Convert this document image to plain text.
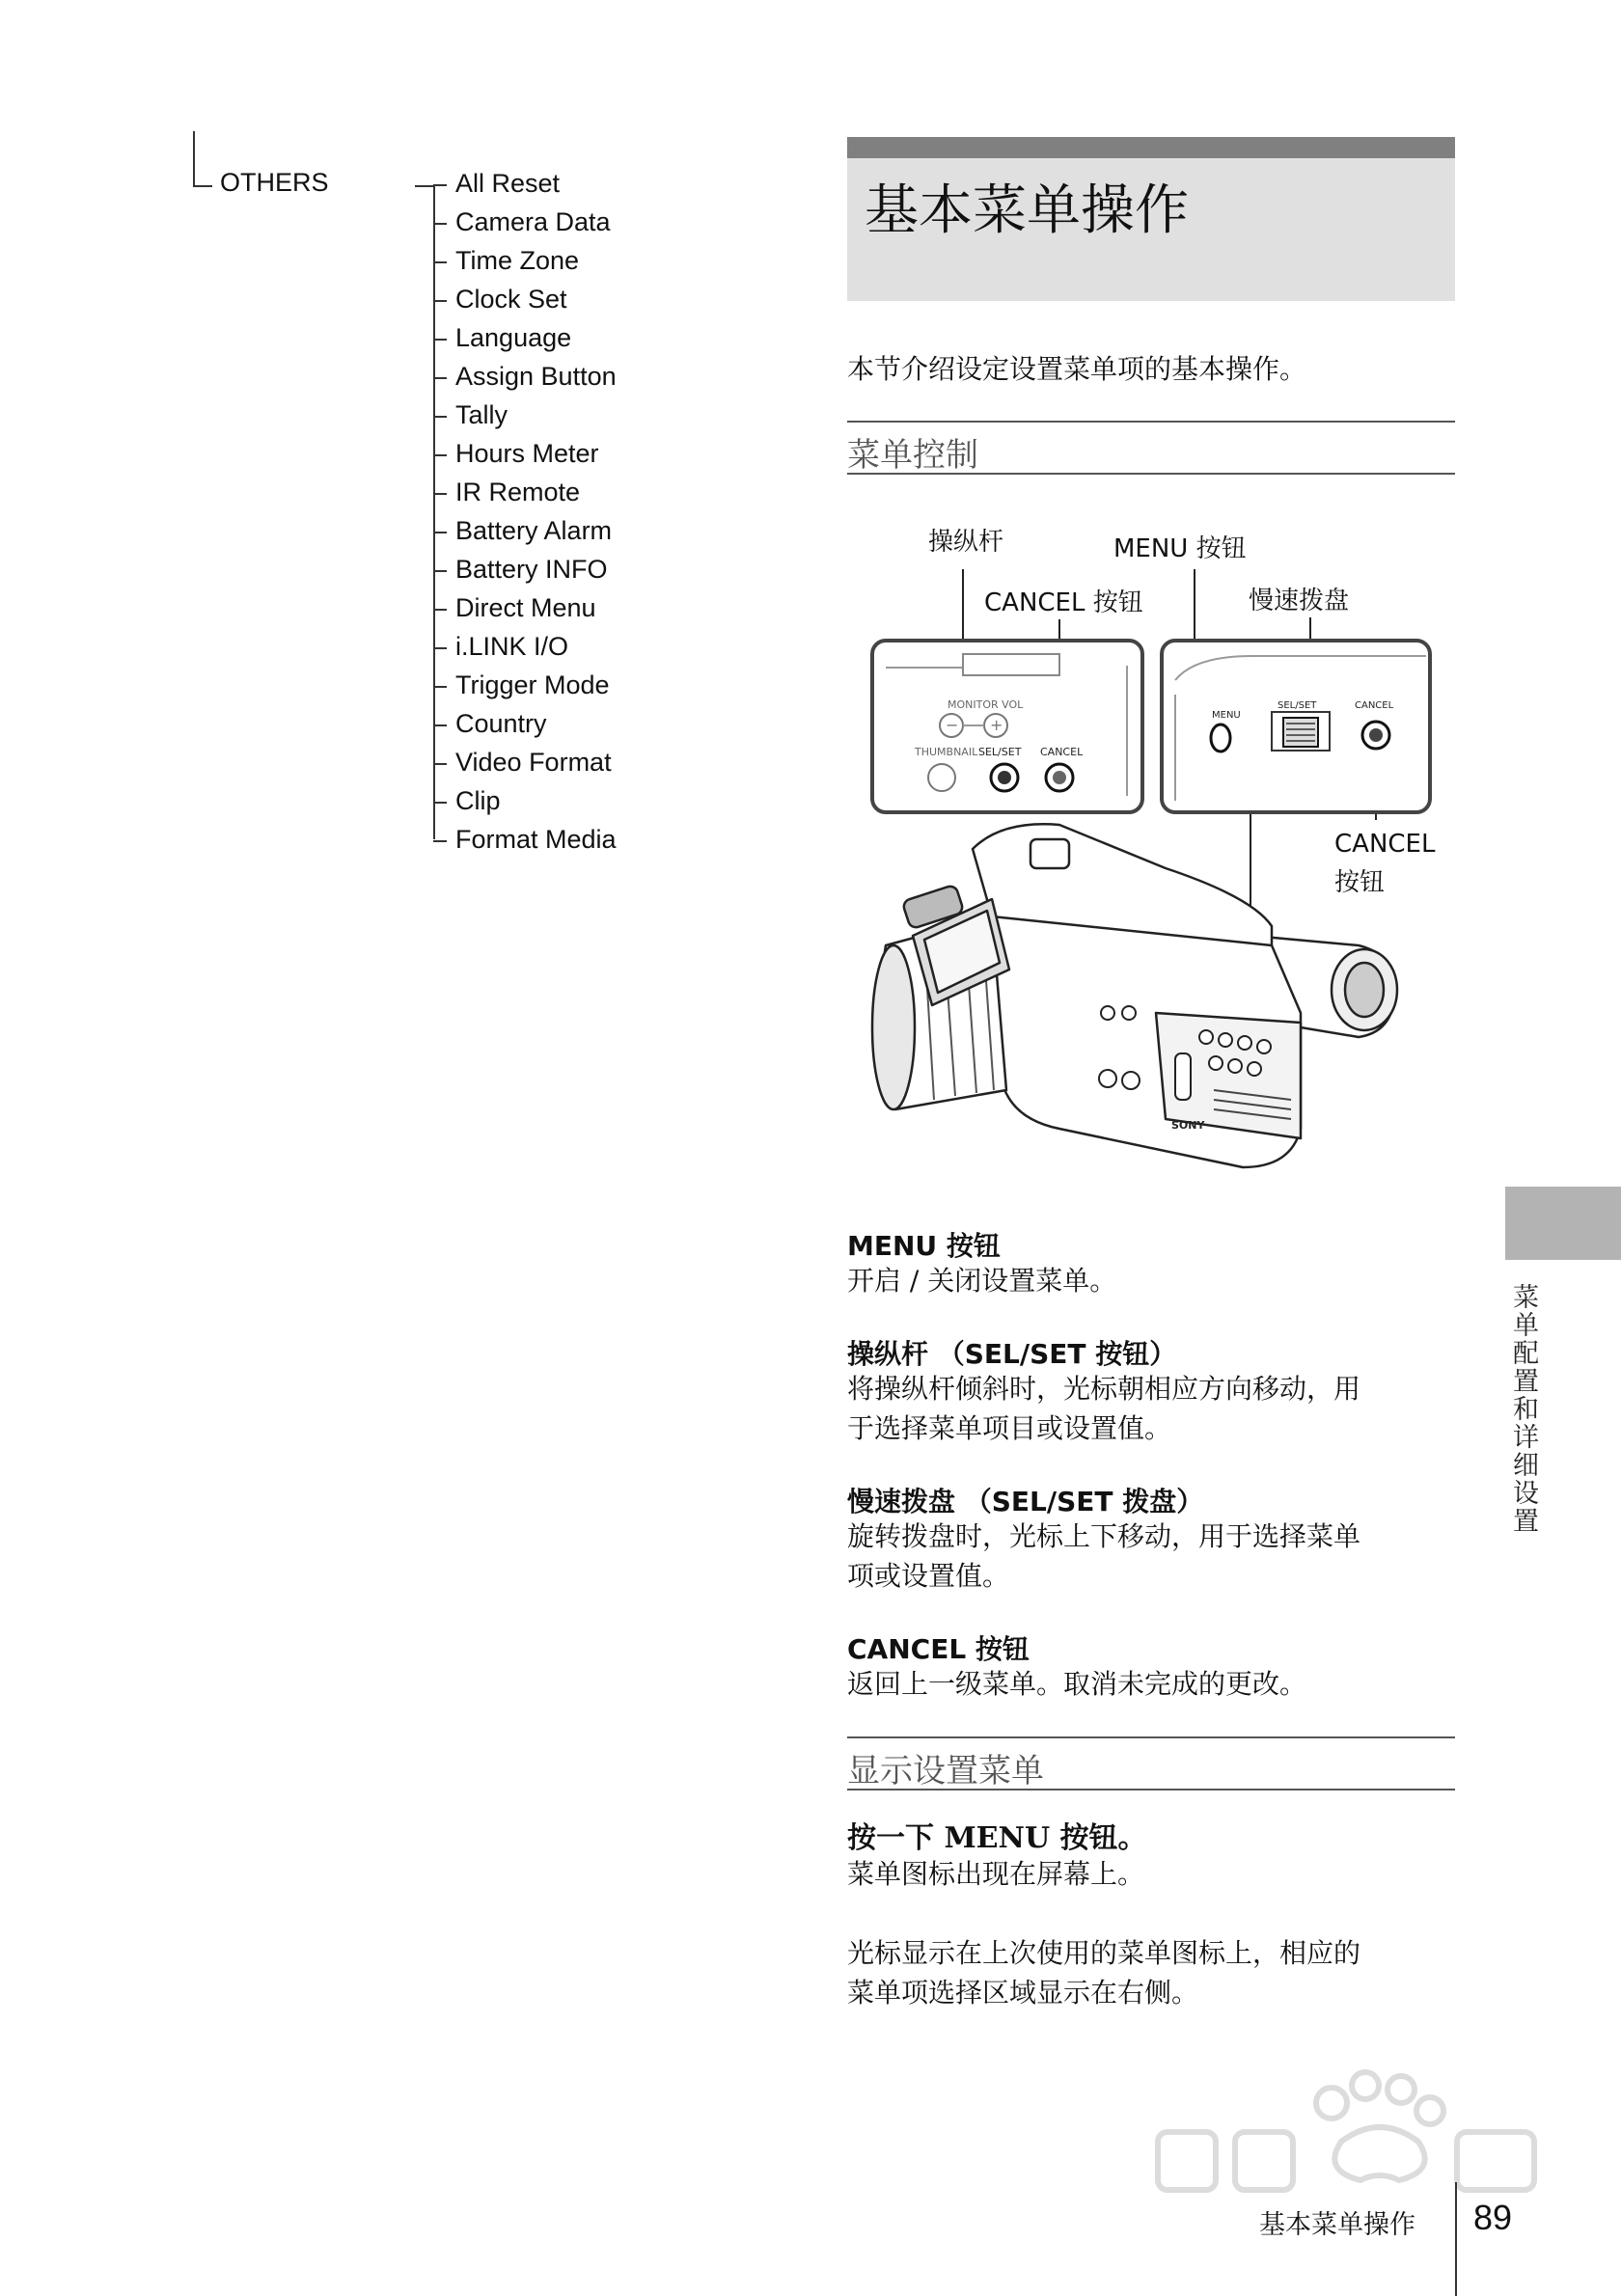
OTHERS	All Reset
Camera Data
Time Zone
Clock Set
Language
Assign Button
Tally
Hours Meter
IR Remote
Battery Alarm
Battery INFO
Direct Menu
i.LINK I/O
Trigger Mode
Country
Video Format
Clip
Format Media
基本菜单操作
本节介绍设定设置菜单项的基本操作。
菜单控制
操纵杆	MENU 按钮
CANCEL 按钮	慢速拨盘
CANCEL
按钮
MONITOR VOL
− +
THUMBNAIL SEL/SET CANCEL
MENU
SEL/SET	CANCEL
SONY
MENU 按钮
开启 / 关闭设置菜单。
操纵杆 （SEL/SET 按钮）
将操纵杆倾斜时，光标朝相应方向移动，用
于选择菜单项目或设置值。
慢速拨盘 （SEL/SET 拨盘）
旋转拨盘时，光标上下移动，用于选择菜单
项或设置值。
CANCEL 按钮
返回上一级菜单。取消未完成的更改。
显示设置菜单
按一下 MENU 按钮。
菜单图标出现在屏幕上。
光标显示在上次使用的菜单图标上，相应的
菜单项选择区域显示在右侧。
菜单配置和详细设置
基本菜单操作 89
